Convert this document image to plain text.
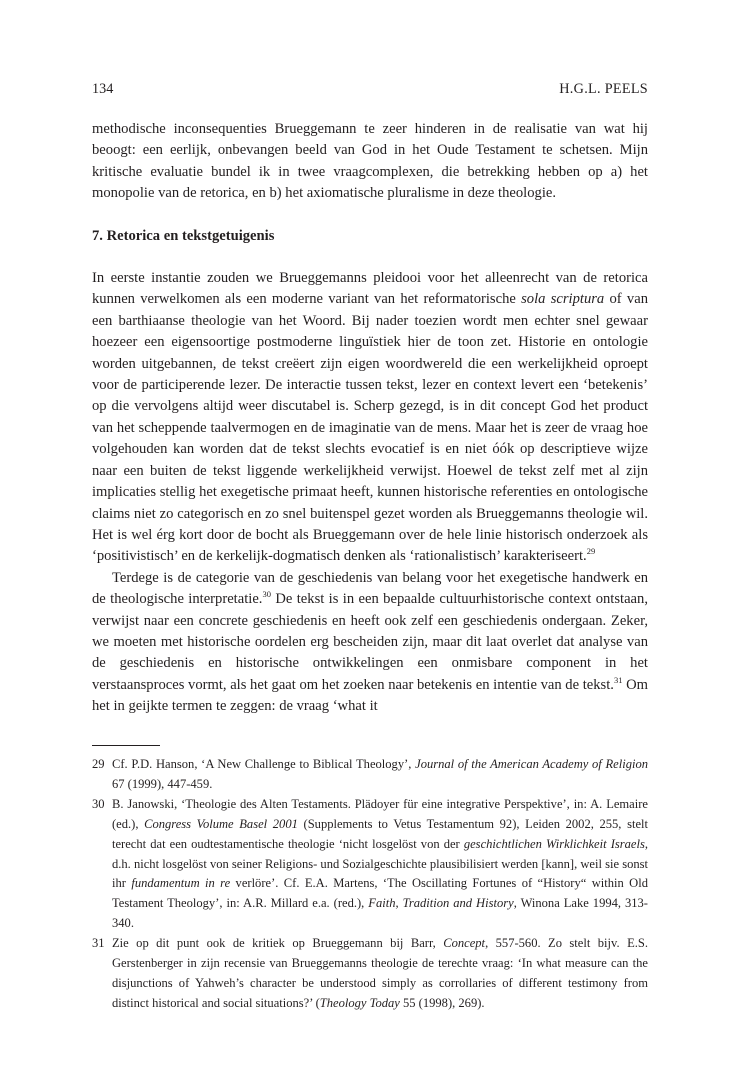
134	H.G.L. PEELS

methodische inconsequenties Brueggemann te zeer hinderen in de realisatie van wat hij beoogt: een eerlijk, onbevangen beeld van God in het Oude Testament te schetsen. Mijn kritische evaluatie bundel ik in twee vraagcomplexen, die betrekking hebben op a) het monopolie van de retorica, en b) het axiomatische pluralisme in deze theologie.

7. Retorica en tekstgetuigenis

In eerste instantie zouden we Brueggemanns pleidooi voor het alleenrecht van de retorica kunnen verwelkomen als een moderne variant van het reformatorische sola scriptura of van een barthiaanse theologie van het Woord. Bij nader toezien wordt men echter snel gewaar hoezeer een eigensoortige postmoderne linguïstiek hier de toon zet. Historie en ontologie worden uitgebannen, de tekst creëert zijn eigen woordwereld die een werkelijkheid oproept voor de participerende lezer. De interactie tussen tekst, lezer en context levert een ‘betekenis’ op die vervolgens altijd weer discutabel is. Scherp gezegd, is in dit concept God het product van het scheppende taalvermogen en de imaginatie van de mens. Maar het is zeer de vraag hoe volgehouden kan worden dat de tekst slechts evocatief is en niet óók op descriptieve wijze naar een buiten de tekst liggende werkelijkheid verwijst. Hoewel de tekst zelf met al zijn implicaties stellig het exegetische primaat heeft, kunnen historische referenties en ontologische claims niet zo categorisch en zo snel buitenspel gezet worden als Brueggemanns theologie wil. Het is wel érg kort door de bocht als Brueggemann over de hele linie historisch onderzoek als ‘positivistisch’ en de kerkelijk-dogmatisch denken als ‘rationalistisch’ karakteriseert.$^{29}$

Terdege is de categorie van de geschiedenis van belang voor het exegetische handwerk en de theologische interpretatie.$^{30}$ De tekst is in een bepaalde cultuurhistorische context ontstaan, verwijst naar een concrete geschiedenis en heeft ook zelf een geschiedenis ondergaan. Zeker, we moeten met historische oordelen erg bescheiden zijn, maar dit laat overlet dat analyse van de geschiedenis en historische ontwikkelingen een onmisbare component in het verstaansproces vormt, als het gaat om het zoeken naar betekenis en intentie van de tekst.$^{31}$ Om het in geijkte termen te zeggen: de vraag ‘what it

29 Cf. P.D. Hanson, ‘A New Challenge to Biblical Theology’, Journal of the American Academy of Religion 67 (1999), 447-459.
30 B. Janowski, ‘Theologie des Alten Testaments. Plädoyer für eine integrative Perspektive’, in: A. Lemaire (ed.), Congress Volume Basel 2001 (Supplements to Vetus Testamentum 92), Leiden 2002, 255, stelt terecht dat een oudtestamentische theologie ‘nicht losgelöst von der geschichtlichen Wirklichkeit Israels, d.h. nicht losgelöst von seiner Religions- und Sozialgeschichte plausibilisiert werden [kann], weil sie sonst ihr fundamentum in re verlöre’. Cf. E.A. Martens, ‘The Oscillating Fortunes of “History“ within Old Testament Theology’, in: A.R. Millard e.a. (red.), Faith, Tradition and History, Winona Lake 1994, 313-340.
31 Zie op dit punt ook de kritiek op Brueggemann bij Barr, Concept, 557-560. Zo stelt bijv. E.S. Gerstenberger in zijn recensie van Brueggemanns theologie de terechte vraag: ‘In what measure can the disjunctions of Yahweh’s character be understood simply as corrollaries of different testimony from distinct historical and social situations?’ (Theology Today 55 (1998), 269).
